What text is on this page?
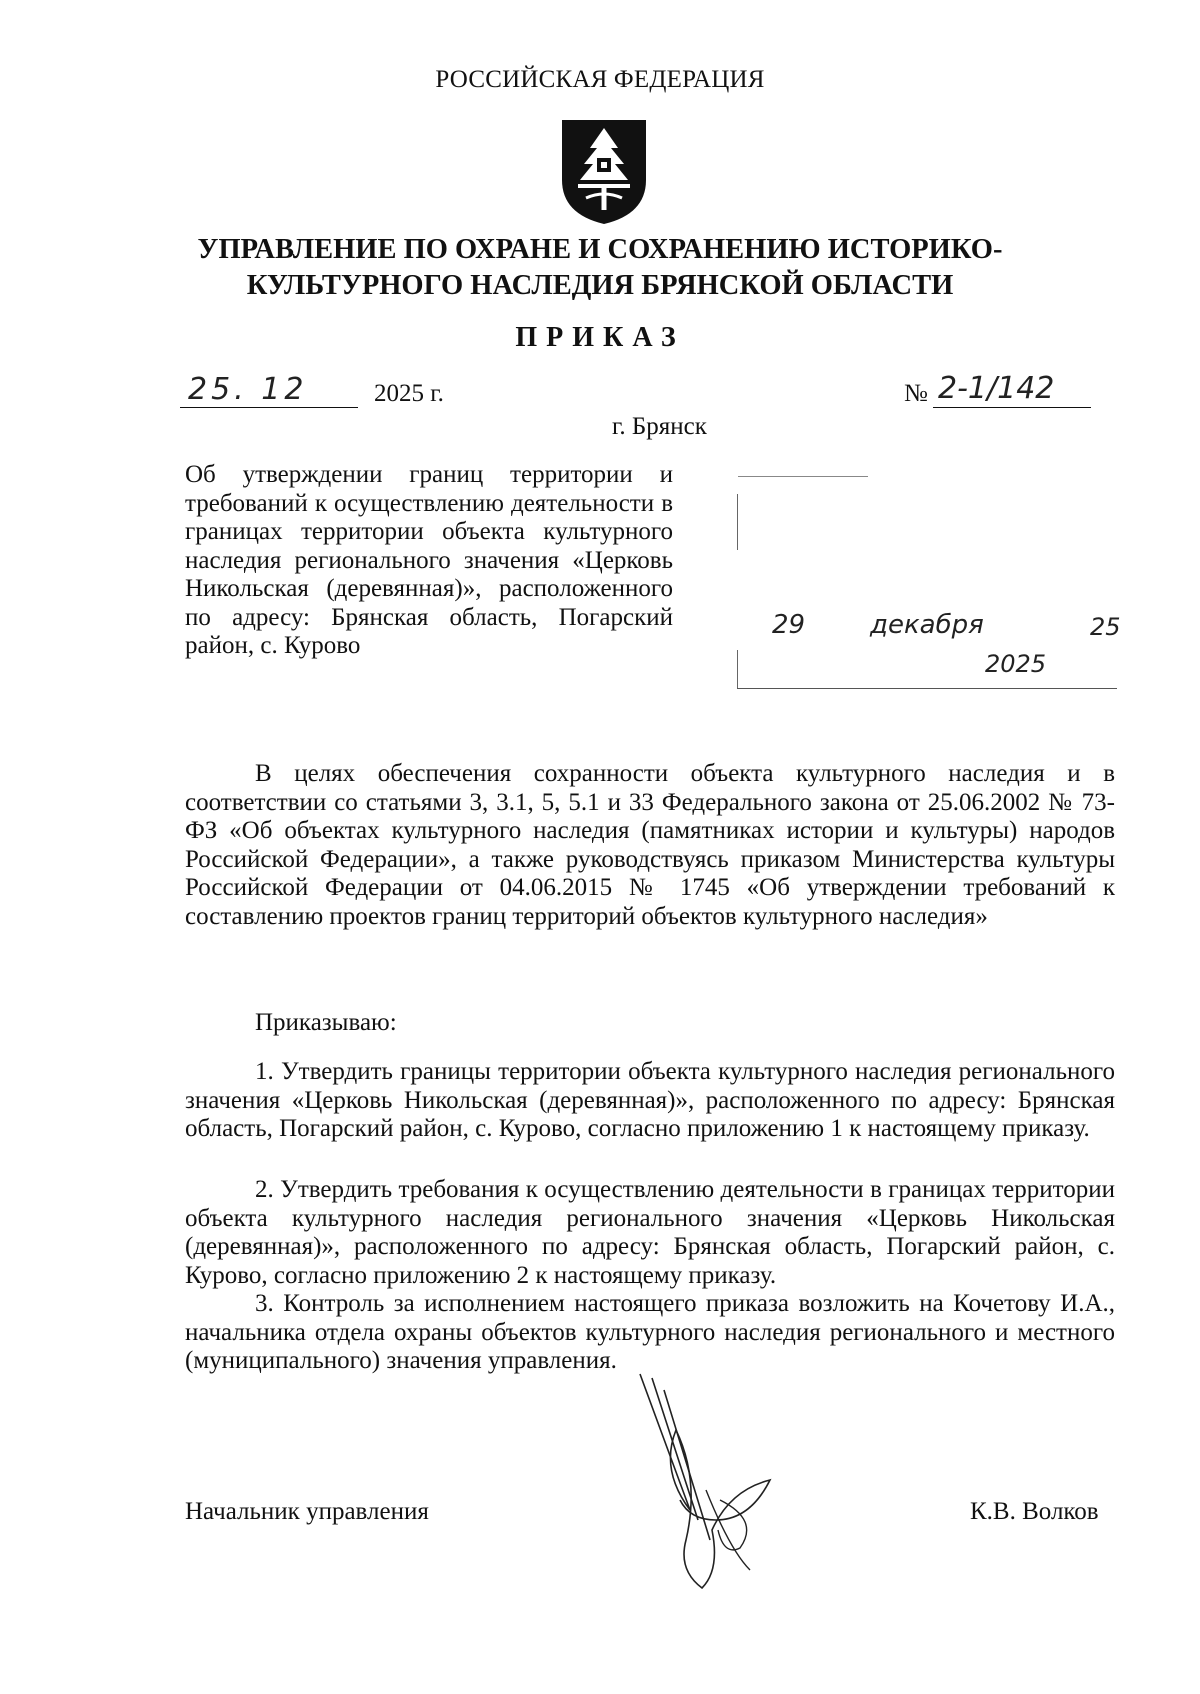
РОССИЙСКАЯ ФЕДЕРАЦИЯ
УПРАВЛЕНИЕ ПО ОХРАНЕ И СОХРАНЕНИЮ ИСТОРИКО-
КУЛЬТУРНОГО НАСЛЕДИЯ БРЯНСКОЙ ОБЛАСТИ
ПРИКАЗ
25. 12	2025 г.	№ 2-1/142
г. Брянск
Об утверждении границ территории и требований к осуществлению деятельности в границах территории объекта культурного наследия регионального значения «Церковь Никольская (деревянная)», расположенного по адресу: Брянская область, Погарский район, с. Курово
29 декабря	25
2025
В целях обеспечения сохранности объекта культурного наследия и в соответствии со статьями 3, 3.1, 5, 5.1 и 33 Федерального закона от 25.06.2002 № 73-ФЗ «Об объектах культурного наследия (памятниках истории и культуры) народов Российской Федерации», а также руководствуясь приказом Министерства культуры Российской Федерации от 04.06.2015 № 1745 «Об утверждении требований к составлению проектов границ территорий объектов культурного наследия»
Приказываю:
1. Утвердить границы территории объекта культурного наследия регионального значения «Церковь Никольская (деревянная)», расположенного по адресу: Брянская область, Погарский район, с. Курово, согласно приложению 1 к настоящему приказу.
2. Утвердить требования к осуществлению деятельности в границах территории объекта культурного наследия регионального значения «Церковь Никольская (деревянная)», расположенного по адресу: Брянская область, Погарский район, с. Курово, согласно приложению 2 к настоящему приказу.
3. Контроль за исполнением настоящего приказа возложить на Кочетову И.А., начальника отдела охраны объектов культурного наследия регионального и местного (муниципального) значения управления.
Начальник управления	К.В. Волков
